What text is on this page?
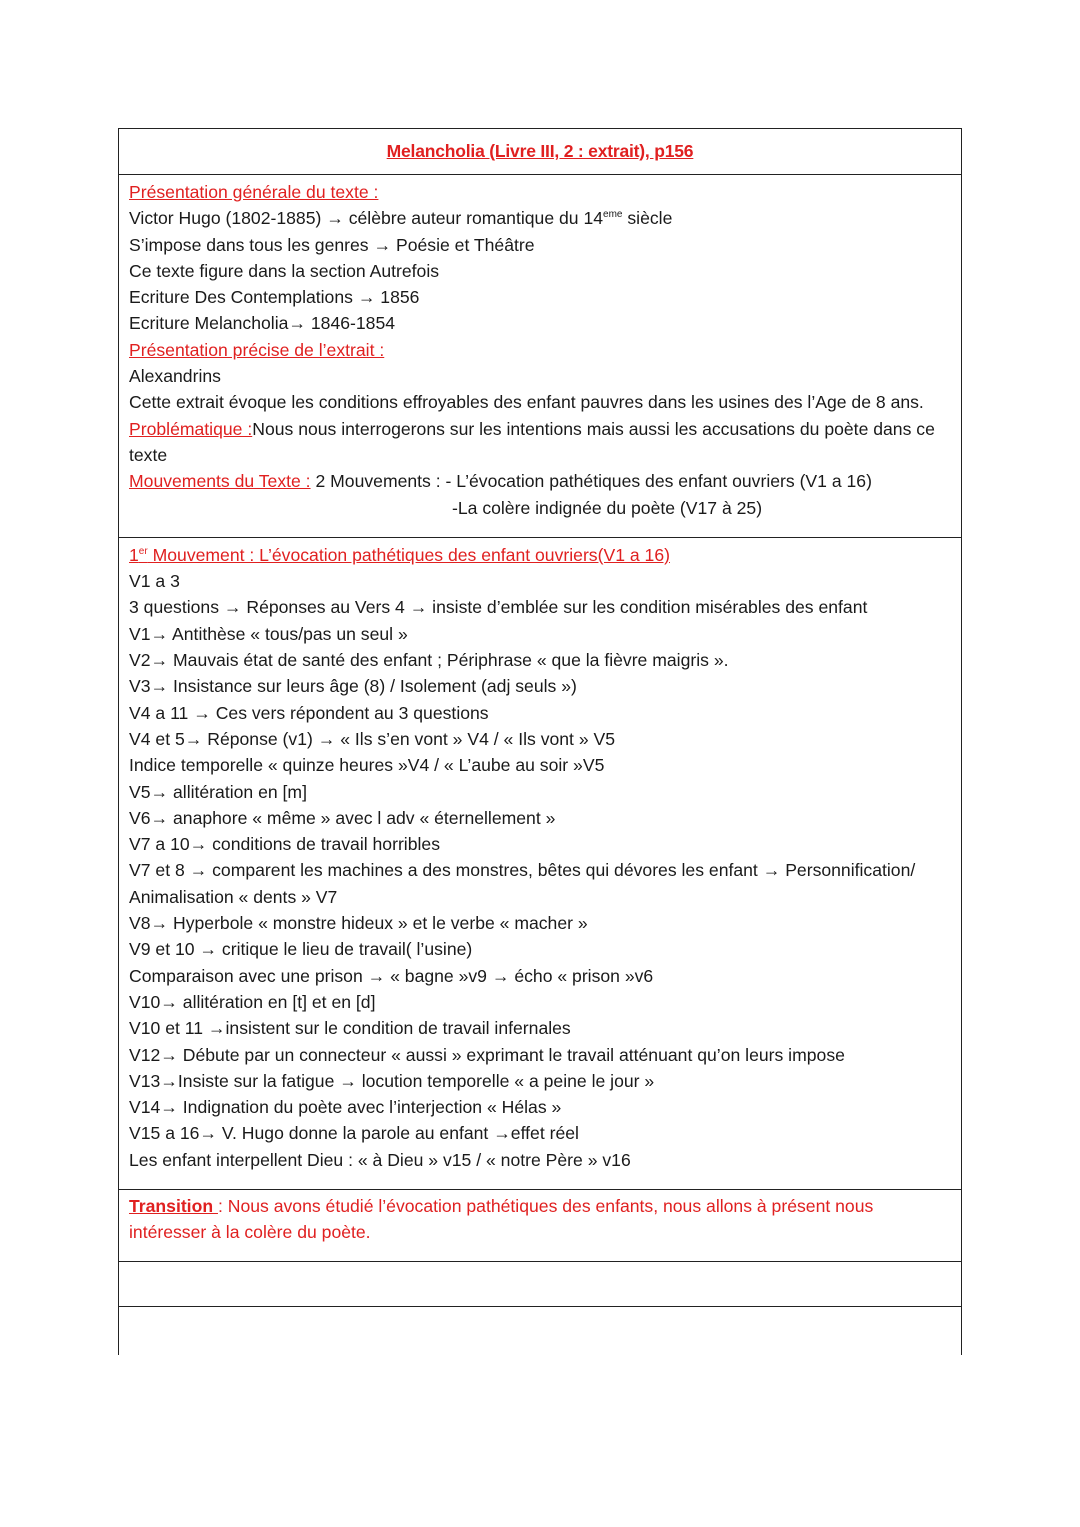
Melancholia (Livre III, 2 : extrait), p156
Présentation générale du texte :
Victor Hugo (1802-1885) → célèbre auteur romantique du 14eme siècle
S’impose dans tous les genres → Poésie et Théâtre
Ce texte figure dans la section Autrefois
Ecriture Des Contemplations → 1856
Ecriture Melancholia→ 1846-1854
Présentation précise de l’extrait :
Alexandrins
Cette extrait évoque les conditions effroyables des enfant pauvres dans les usines des l’Age de 8 ans.
Problématique :Nous nous interrogerons sur les intentions mais aussi les accusations du poète dans ce texte
Mouvements du Texte : 2 Mouvements : - L’évocation pathétiques des enfant ouvriers (V1 a 16)
-La colère indignée du poète (V17 à 25)
1er Mouvement : L’évocation pathétiques des enfant ouvriers(V1 a 16)
V1 a 3
3 questions → Réponses au Vers 4 → insiste d’emblée sur les condition misérables des enfant
V1→ Antithèse « tous/pas un seul »
V2→ Mauvais état de santé des enfant ; Périphrase « que la fièvre maigris ».
V3→ Insistance sur leurs âge (8) / Isolement (adj seuls »)
V4 a 11 → Ces vers répondent au 3 questions
V4 et 5→ Réponse (v1) → « Ils s’en vont » V4 / « Ils vont » V5
Indice temporelle « quinze heures »V4 / « L’aube au soir »V5
V5→ allitération en [m]
V6→ anaphore « même » avec l adv « éternellement »
V7 a 10→ conditions de travail horribles
V7 et 8 → comparent les machines a des monstres, bêtes qui dévores les enfant → Personnification/
Animalisation « dents » V7
V8→ Hyperbole « monstre hideux » et le verbe « macher »
V9 et 10 → critique le lieu de travail( l’usine)
Comparaison avec une prison → « bagne »v9 → écho « prison »v6
V10→ allitération en [t] et en [d]
V10 et 11 →insistent sur le condition de travail infernales
V12→ Débute par un connecteur « aussi » exprimant le travail atténuant qu’on leurs impose
V13→Insiste sur la fatigue → locution temporelle « a peine le jour »
V14→ Indignation du poète avec l’interjection « Hélas »
V15 a 16→ V. Hugo donne la parole au enfant →effet réel
Les enfant interpellent Dieu : « à Dieu » v15 / « notre Père » v16
Transition : Nous avons étudié l’évocation pathétiques des enfants, nous allons à présent nous intéresser à la colère du poète.
